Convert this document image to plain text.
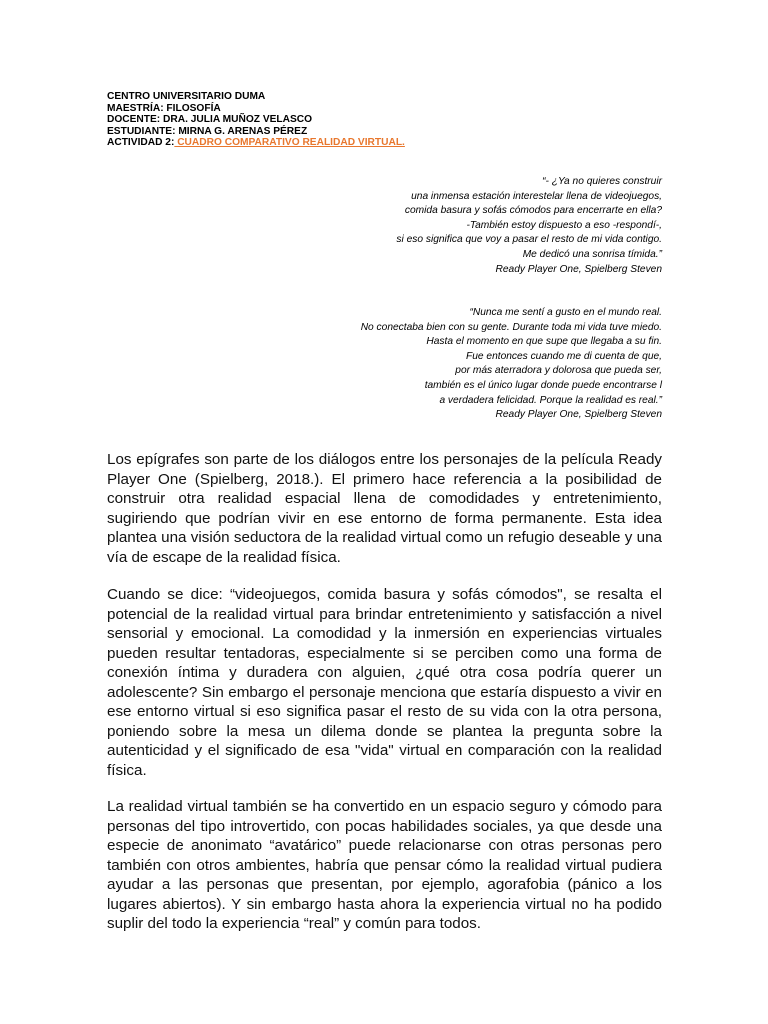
CENTRO UNIVERSITARIO DUMA
MAESTRÍA: FILOSOFÍA
DOCENTE: DRA. JULIA MUÑOZ VELASCO
ESTUDIANTE: MIRNA G. ARENAS PÉREZ
ACTIVIDAD 2: CUADRO COMPARATIVO REALIDAD VIRTUAL.
“- ¿Ya no quieres construir
una inmensa estación interestelar llena de videojuegos,
comida basura y sofás cómodos para encerrarte en ella?
-También estoy dispuesto a eso -respondí-,
si eso significa que voy a pasar el resto de mi vida contigo.
Me dedicó una sonrisa tímida.”
Ready Player One, Spielberg Steven
“Nunca me sentí a gusto en el mundo real.
No conectaba bien con su gente. Durante toda mi vida tuve miedo.
Hasta el momento en que supe que llegaba a su fin.
Fue entonces cuando me di cuenta de que,
por más aterradora y dolorosa que pueda ser,
también es el único lugar donde puede encontrarse l
a verdadera felicidad. Porque la realidad es real.”
Ready Player One, Spielberg Steven

Los epígrafes son parte de los diálogos entre los personajes de la película Ready Player One (Spielberg, 2018.). El primero hace referencia a la posibilidad de construir otra realidad espacial llena de comodidades y entretenimiento, sugiriendo que podrían vivir en ese entorno de forma permanente. Esta idea plantea una visión seductora de la realidad virtual como un refugio deseable y una vía de escape de la realidad física.

Cuando se dice: “videojuegos, comida basura y sofás cómodos", se resalta el potencial de la realidad virtual para brindar entretenimiento y satisfacción a nivel sensorial y emocional. La comodidad y la inmersión en experiencias virtuales pueden resultar tentadoras, especialmente si se perciben como una forma de conexión íntima y duradera con alguien, ¿qué otra cosa podría querer un adolescente? Sin embargo el personaje menciona que estaría dispuesto a vivir en ese entorno virtual si eso significa pasar el resto de su vida con la otra persona, poniendo sobre la mesa un dilema donde se plantea la pregunta sobre la autenticidad y el significado de esa "vida" virtual en comparación con la realidad física.

La realidad virtual también se ha convertido en un espacio seguro y cómodo para personas del tipo introvertido, con pocas habilidades sociales, ya que desde una especie de anonimato “avatárico” puede relacionarse con otras personas pero también con otros ambientes, habría que pensar cómo la realidad virtual pudiera ayudar a las personas que presentan, por ejemplo, agorafobia (pánico a los lugares abiertos). Y sin embargo hasta ahora la experiencia virtual no ha podido suplir del todo la experiencia “real” y común para todos.
